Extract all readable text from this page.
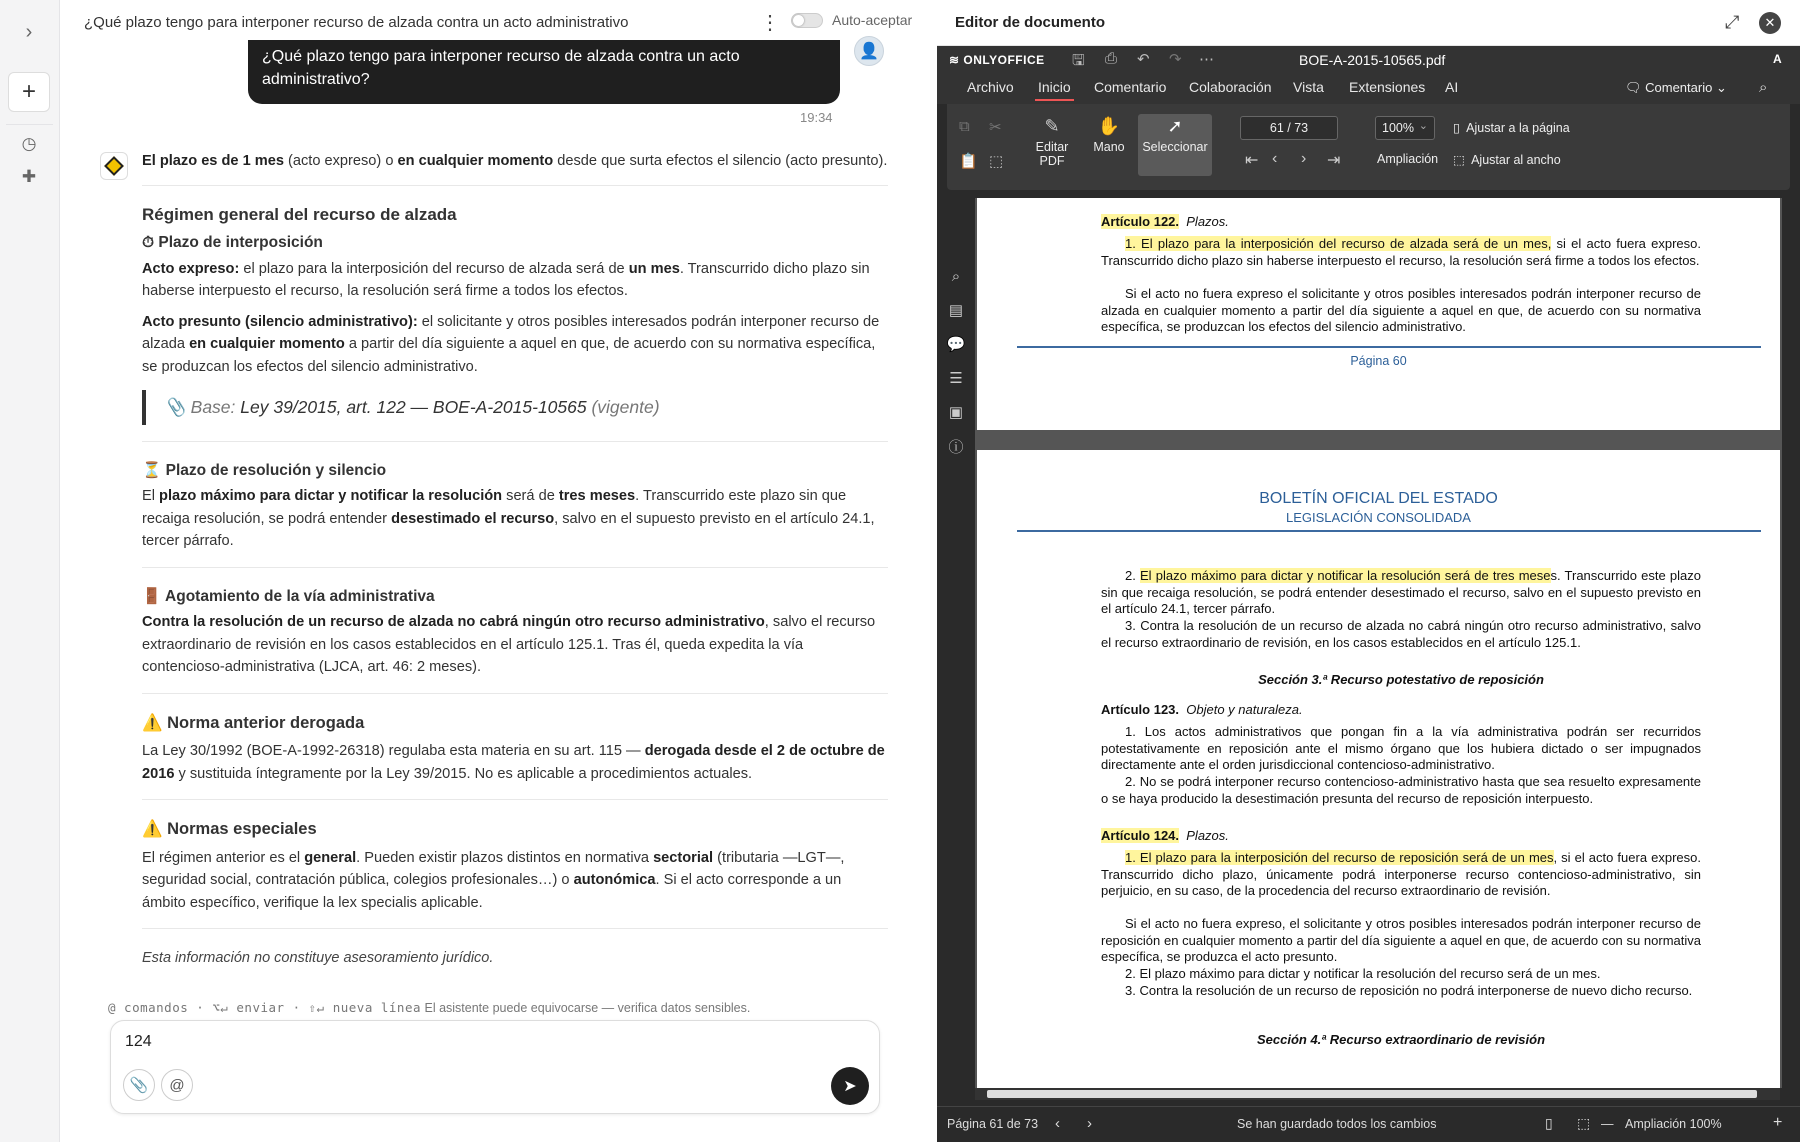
›
+
◷
✚
¿Qué plazo tengo para interponer recurso de alzada contra un acto administrativo	⋮	Auto-aceptar
¿Qué plazo tengo para interponer recurso de alzada contra un acto administrativo?
👤
19:34
El plazo es de 1 mes (acto expreso) o en cualquier momento desde que surta efectos el silencio (acto presunto).
Régimen general del recurso de alzada
⏱ Plazo de interposición
Acto expreso: el plazo para la interposición del recurso de alzada será de un mes. Transcurrido dicho plazo sin haberse interpuesto el recurso, la resolución será firme a todos los efectos.
Acto presunto (silencio administrativo): el solicitante y otros posibles interesados podrán interponer recurso de alzada en cualquier momento a partir del día siguiente a aquel en que, de acuerdo con su normativa específica, se produzcan los efectos del silencio administrativo.
📎 Base: Ley 39/2015, art. 122 — BOE-A-2015-10565 (vigente)
⏳ Plazo de resolución y silencio
El plazo máximo para dictar y notificar la resolución será de tres meses. Transcurrido este plazo sin que recaiga resolución, se podrá entender desestimado el recurso, salvo en el supuesto previsto en el artículo 24.1, tercer párrafo.
🚪 Agotamiento de la vía administrativa
Contra la resolución de un recurso de alzada no cabrá ningún otro recurso administrativo, salvo el recurso extraordinario de revisión en los casos establecidos en el artículo 125.1. Tras él, queda expedita la vía contencioso-administrativa (LJCA, art. 46: 2 meses).
⚠️ Norma anterior derogada
La Ley 30/1992 (BOE-A-1992-26318) regulaba esta materia en su art. 115 — derogada desde el 2 de octubre de 2016 y sustituida íntegramente por la Ley 39/2015. No es aplicable a procedimientos actuales.
⚠️ Normas especiales
El régimen anterior es el general. Pueden existir plazos distintos en normativa sectorial (tributaria —LGT—, seguridad social, contratación pública, colegios profesionales…) o autonómica. Si el acto corresponde a un ámbito específico, verifique la lex specialis aplicable.
Esta información no constituye asesoramiento jurídico.
@ comandos · ⌥↵ enviar · ⇧↵ nueva línea El asistente puede equivocarse — verifica datos sensibles.
124
📎	@	➤
Editor de documento	⤢	✕
≋ ONLYOFFICE 🖫 ⎙ ↶ ↷ ⋯	BOE-A-2015-10565.pdf	A
Archivo Inicio Comentario Colaboración Vista Extensiones AI	🗨 Comentario ⌄ ⌕
⧉ ✂
📋 ⬚
✎
Editar PDF
✋
Mano
➚
Seleccionar
61 / 73
⇤ ‹ › ⇥
100% ⌄
Ampliación
▯  Ajustar a la página
⬚  Ajustar al ancho
⌕
▤
💬
☰
▣
ⓘ
Artículo 122. Plazos.
1. El plazo para la interposición del recurso de alzada será de un mes, si el acto fuera expreso. Transcurrido dicho plazo sin haberse interpuesto el recurso, la resolución será firme a todos los efectos.
Si el acto no fuera expreso el solicitante y otros posibles interesados podrán interponer recurso de alzada en cualquier momento a partir del día siguiente a aquel en que, de acuerdo con su normativa específica, se produzcan los efectos del silencio administrativo.
Página 60
BOLETÍN OFICIAL DEL ESTADO
LEGISLACIÓN CONSOLIDADA
2. El plazo máximo para dictar y notificar la resolución será de tres meses. Transcurrido este plazo sin que recaiga resolución, se podrá entender desestimado el recurso, salvo en el supuesto previsto en el artículo 24.1, tercer párrafo.
3. Contra la resolución de un recurso de alzada no cabrá ningún otro recurso administrativo, salvo el recurso extraordinario de revisión, en los casos establecidos en el artículo 125.1.
Sección 3.ª Recurso potestativo de reposición
Artículo 123. Objeto y naturaleza.
1. Los actos administrativos que pongan fin a la vía administrativa podrán ser recurridos potestativamente en reposición ante el mismo órgano que los hubiera dictado o ser impugnados directamente ante el orden jurisdiccional contencioso-administrativo.
2. No se podrá interponer recurso contencioso-administrativo hasta que sea resuelto expresamente o se haya producido la desestimación presunta del recurso de reposición interpuesto.
Artículo 124. Plazos.
1. El plazo para la interposición del recurso de reposición será de un mes, si el acto fuera expreso. Transcurrido dicho plazo, únicamente podrá interponerse recurso contencioso-administrativo, sin perjuicio, en su caso, de la procedencia del recurso extraordinario de revisión.
Si el acto no fuera expreso, el solicitante y otros posibles interesados podrán interponer recurso de reposición en cualquier momento a partir del día siguiente a aquel en que, de acuerdo con su normativa específica, se produzca el acto presunto.
2. El plazo máximo para dictar y notificar la resolución del recurso será de un mes.
3. Contra la resolución de un recurso de reposición no podrá interponerse de nuevo dicho recurso.
Sección 4.ª Recurso extraordinario de revisión
Página 61 de 73 ‹ ›	Se han guardado todos los cambios	▯ ⬚ — Ampliación 100%	+
